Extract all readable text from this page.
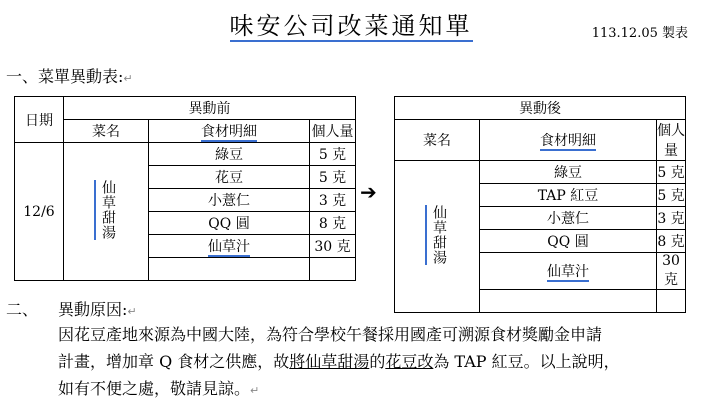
味安公司改菜通知單	113.12.05 製表
一、菜單異動表:↵
日期	異動前		
	菜名	食材明細	個人量
12/6	仙草甜湯	綠豆	5 克
		花豆	5 克
		小薏仁	3 克
		QQ 圓	8 克
		仙草汁	30 克

➔
異動後		
菜名	食材明細	個人量
仙草甜湯	綠豆	5 克
	TAP 紅豆	5 克
	小薏仁	3 克
	QQ 圓	8 克
	仙草汁	30 克

二、 異動原因:↵
因花豆產地來源為中國大陸，為符合學校午餐採用國產可溯源食材獎勵金申請
計畫，增加章 Q 食材之供應，故將仙草甜湯的花豆改為 TAP 紅豆。以上說明，
如有不便之處，敬請見諒。↵
